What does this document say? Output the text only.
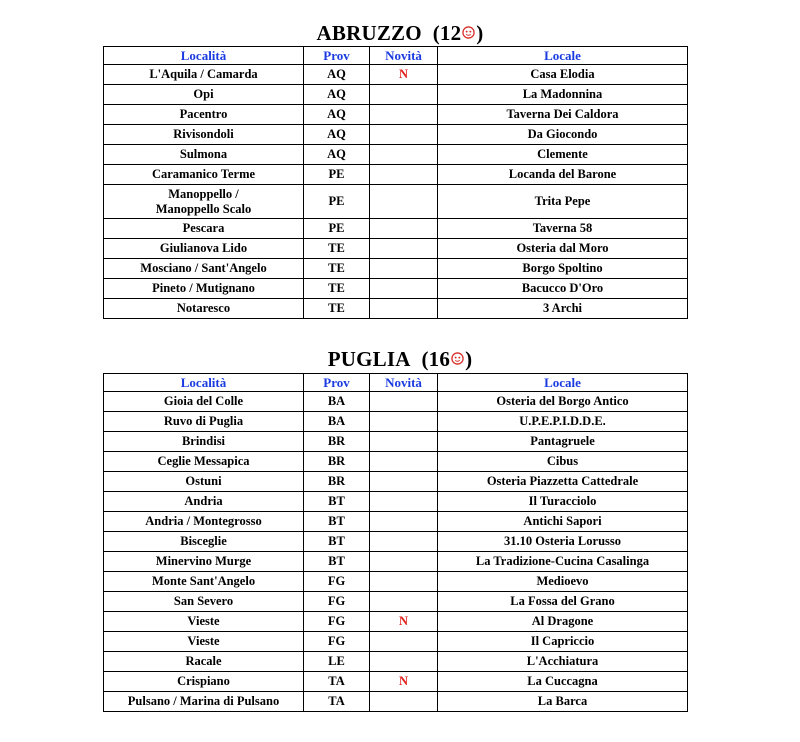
ABRUZZO (12 )
Località	Prov	Novità	Locale
L'Aquila / Camarda	AQ	N	Casa Elodia
Opi	AQ		La Madonnina
Pacentro	AQ		Taverna Dei Caldora
Rivisondoli	AQ		Da Giocondo
Sulmona	AQ		Clemente
Caramanico Terme	PE		Locanda del Barone
Manoppello /
Manoppello Scalo	PE		Trita Pepe
Pescara	PE		Taverna 58
Giulianova Lido	TE		Osteria dal Moro
Mosciano / Sant'Angelo	TE		Borgo Spoltino
Pineto / Mutignano	TE		Bacucco D'Oro
Notaresco	TE		3 Archi
PUGLIA (16 )
Località	Prov	Novità	Locale
Gioia del Colle	BA		Osteria del Borgo Antico
Ruvo di Puglia	BA		U.P.E.P.I.D.D.E.
Brindisi	BR		Pantagruele
Ceglie Messapica	BR		Cibus
Ostuni	BR		Osteria Piazzetta Cattedrale
Andria	BT		Il Turacciolo
Andria / Montegrosso	BT		Antichi Sapori
Bisceglie	BT		31.10 Osteria Lorusso
Minervino Murge	BT		La Tradizione-Cucina Casalinga
Monte Sant'Angelo	FG		Medioevo
San Severo	FG		La Fossa del Grano
Vieste	FG	N	Al Dragone
Vieste	FG		Il Capriccio
Racale	LE		L'Acchiatura
Crispiano	TA	N	La Cuccagna
Pulsano / Marina di Pulsano	TA		La Barca
